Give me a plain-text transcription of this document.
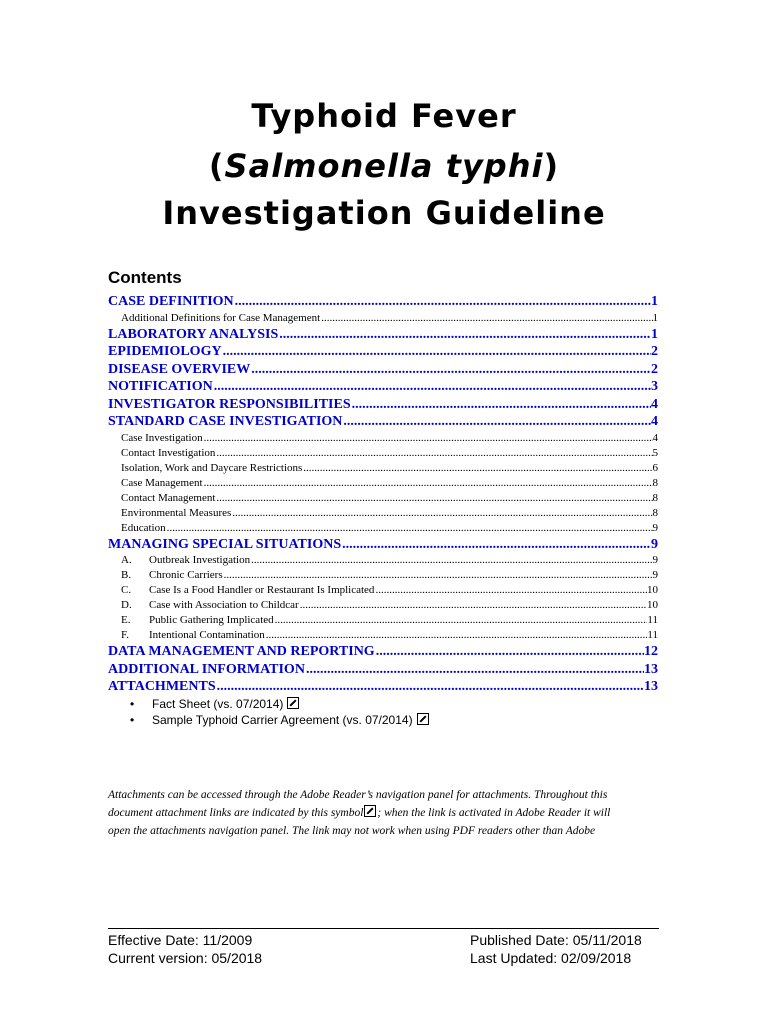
Typhoid Fever
(Salmonella typhi)
Investigation Guideline
Contents
CASE DEFINITION .....	1
Additional Definitions for Case Management .....	1
LABORATORY ANALYSIS .....	1
EPIDEMIOLOGY .....	2
DISEASE OVERVIEW .....	2
NOTIFICATION .....	3
INVESTIGATOR RESPONSIBILITIES .....	4
STANDARD CASE INVESTIGATION .....	4
Case Investigation .....	4
Contact Investigation .....	5
Isolation, Work and Daycare Restrictions .....	6
Case Management .....	8
Contact Management .....	8
Environmental Measures .....	8
Education .....	9
MANAGING SPECIAL SITUATIONS .....	9
A. Outbreak Investigation .....	9
B. Chronic Carriers .....	9
C. Case Is a Food Handler or Restaurant Is Implicated .....	10
D. Case with Association to Childcar .....	10
E. Public Gathering Implicated .....	11
F. Intentional Contamination .....	11
DATA MANAGEMENT AND REPORTING .....	12
ADDITIONAL INFORMATION .....	13
ATTACHMENTS .....	13
• Fact Sheet (vs. 07/2014)
• Sample Typhoid Carrier Agreement (vs. 07/2014)
Attachments can be accessed through the Adobe Reader’s navigation panel for attachments. Throughout this
document attachment links are indicated by this symbol ; when the link is activated in Adobe Reader it will
open the attachments navigation panel. The link may not work when using PDF readers other than Adobe
Effective Date: 11/2009
Current version: 05/2018
Published Date: 05/11/2018
Last Updated: 02/09/2018
